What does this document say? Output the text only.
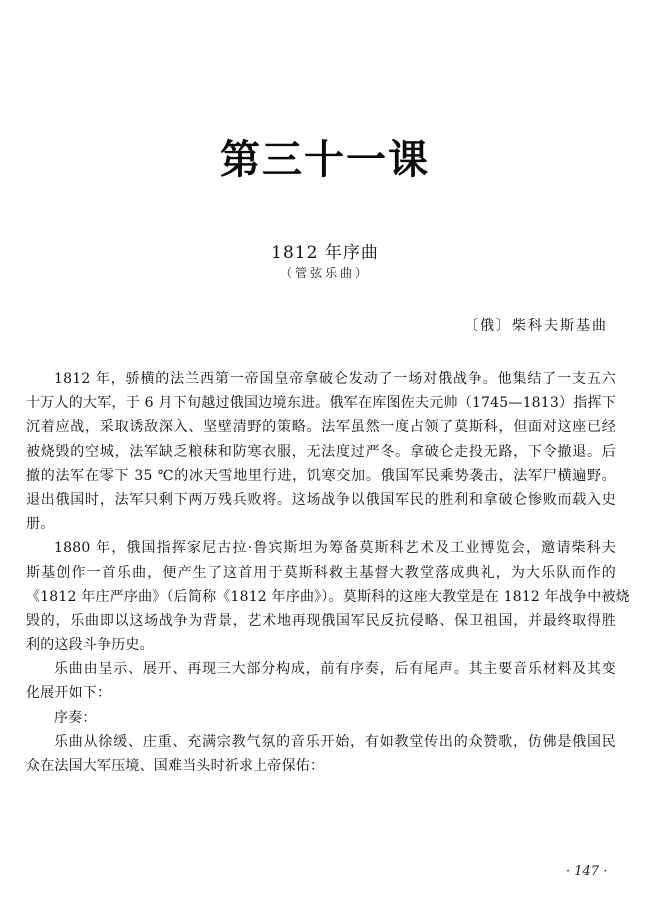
第三十一课
1812 年序曲
（管弦乐曲）
〔俄〕柴科夫斯基曲
1812 年，骄横的法兰西第一帝国皇帝拿破仑发动了一场对俄战争。他集结了一支五六
十万人的大军，于 6 月下旬越过俄国边境东进。俄军在库图佐夫元帅（1745—1813）指挥下
沉着应战，采取诱敌深入、坚壁清野的策略。法军虽然一度占领了莫斯科，但面对这座已经
被烧毁的空城，法军缺乏粮秣和防寒衣服，无法度过严冬。拿破仑走投无路，下令撤退。后
撤的法军在零下 35 ℃的冰天雪地里行进，饥寒交加。俄国军民乘势袭击，法军尸横遍野。
退出俄国时，法军只剩下两万残兵败将。这场战争以俄国军民的胜利和拿破仑惨败而载入史
册。
1880 年，俄国指挥家尼古拉·鲁宾斯坦为筹备莫斯科艺术及工业博览会，邀请柴科夫
斯基创作一首乐曲，便产生了这首用于莫斯科救主基督大教堂落成典礼，为大乐队而作的
《1812 年庄严序曲》（后简称《1812 年序曲》）。莫斯科的这座大教堂是在 1812 年战争中被烧
毁的，乐曲即以这场战争为背景，艺术地再现俄国军民反抗侵略、保卫祖国，并最终取得胜
利的这段斗争历史。
乐曲由呈示、展开、再现三大部分构成，前有序奏，后有尾声。其主要音乐材料及其变
化展开如下：
序奏：
乐曲从徐缓、庄重、充满宗教气氛的音乐开始，有如教堂传出的众赞歌，仿佛是俄国民
众在法国大军压境、国难当头时祈求上帝保佑：
· 147 ·
